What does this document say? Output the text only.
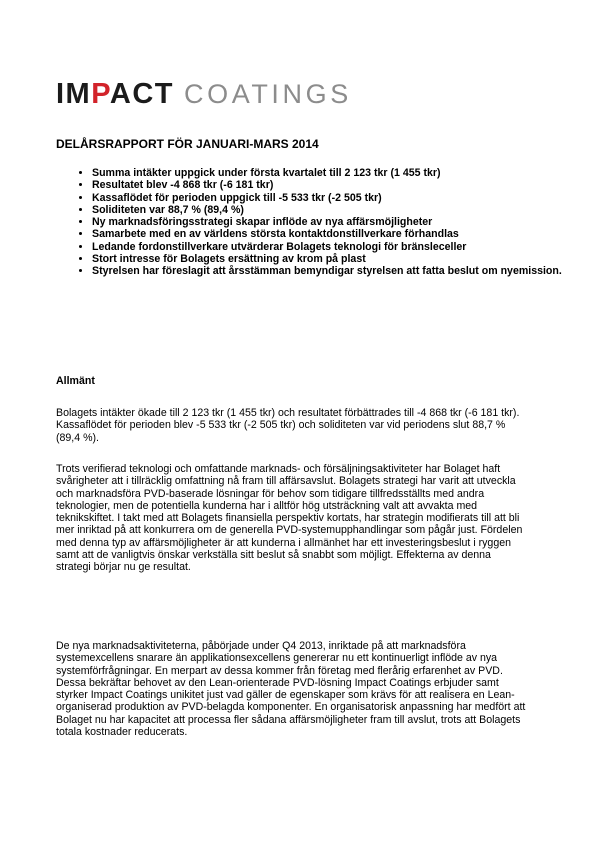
IMPACT COATINGS
DELÅRSRAPPORT FÖR JANUARI-MARS 2014
• Summa intäkter uppgick under första kvartalet till 2 123 tkr (1 455 tkr)
• Resultatet blev -4 868 tkr (-6 181 tkr)
• Kassaflödet för perioden uppgick till -5 533 tkr (-2 505 tkr)
• Soliditeten var 88,7 % (89,4 %)
• Ny marknadsföringsstrategi skapar inflöde av nya affärsmöjligheter
• Samarbete med en av världens största kontaktdonstillverkare förhandlas
• Ledande fordonstillverkare utvärderar Bolagets teknologi för bränsleceller
• Stort intresse för Bolagets ersättning av krom på plast
• Styrelsen har föreslagit att årsstämman bemyndigar styrelsen att fatta beslut om nyemission.
Allmänt

Bolagets intäkter ökade till 2 123 tkr (1 455 tkr) och resultatet förbättrades till -4 868 tkr (-6 181 tkr). Kassaflödet för perioden blev -5 533 tkr (-2 505 tkr) och soliditeten var vid periodens slut 88,7 % (89,4 %).

Trots verifierad teknologi och omfattande marknads- och försäljningsaktiviteter har Bolaget haft svårigheter att i tillräcklig omfattning nå fram till affärsavslut. Bolagets strategi har varit att utveckla och marknadsföra PVD-baserade lösningar för behov som tidigare tillfredsställts med andra teknologier, men de potentiella kunderna har i alltför hög utsträckning valt att avvakta med teknikskiftet. I takt med att Bolagets finansiella perspektiv kortats, har strategin modifierats till att bli mer inriktad på att konkurrera om de generella PVD-systemupphandlingar som pågår just. Fördelen med denna typ av affärsmöjligheter är att kunderna i allmänhet har ett investeringsbeslut i ryggen samt att de vanligtvis önskar verkställa sitt beslut så snabbt som möjligt. Effekterna av denna strategi börjar nu ge resultat.

De nya marknadsaktiviteterna, påbörjade under Q4 2013, inriktade på att marknadsföra systemexcellens snarare än applikationsexcellens genererar nu ett kontinuerligt inflöde av nya systemförfrågningar. En merpart av dessa kommer från företag med flerårig erfarenhet av PVD. Dessa bekräftar behovet av den Lean-orienterade PVD-lösning Impact Coatings erbjuder samt styrker Impact Coatings unikitet just vad gäller de egenskaper som krävs för att realisera en Lean-organiserad produktion av PVD-belagda komponenter. En organisatorisk anpassning har medfört att Bolaget nu har kapacitet att processa fler sådana affärsmöjligheter fram till avslut, trots att Bolagets totala kostnader reducerats.
